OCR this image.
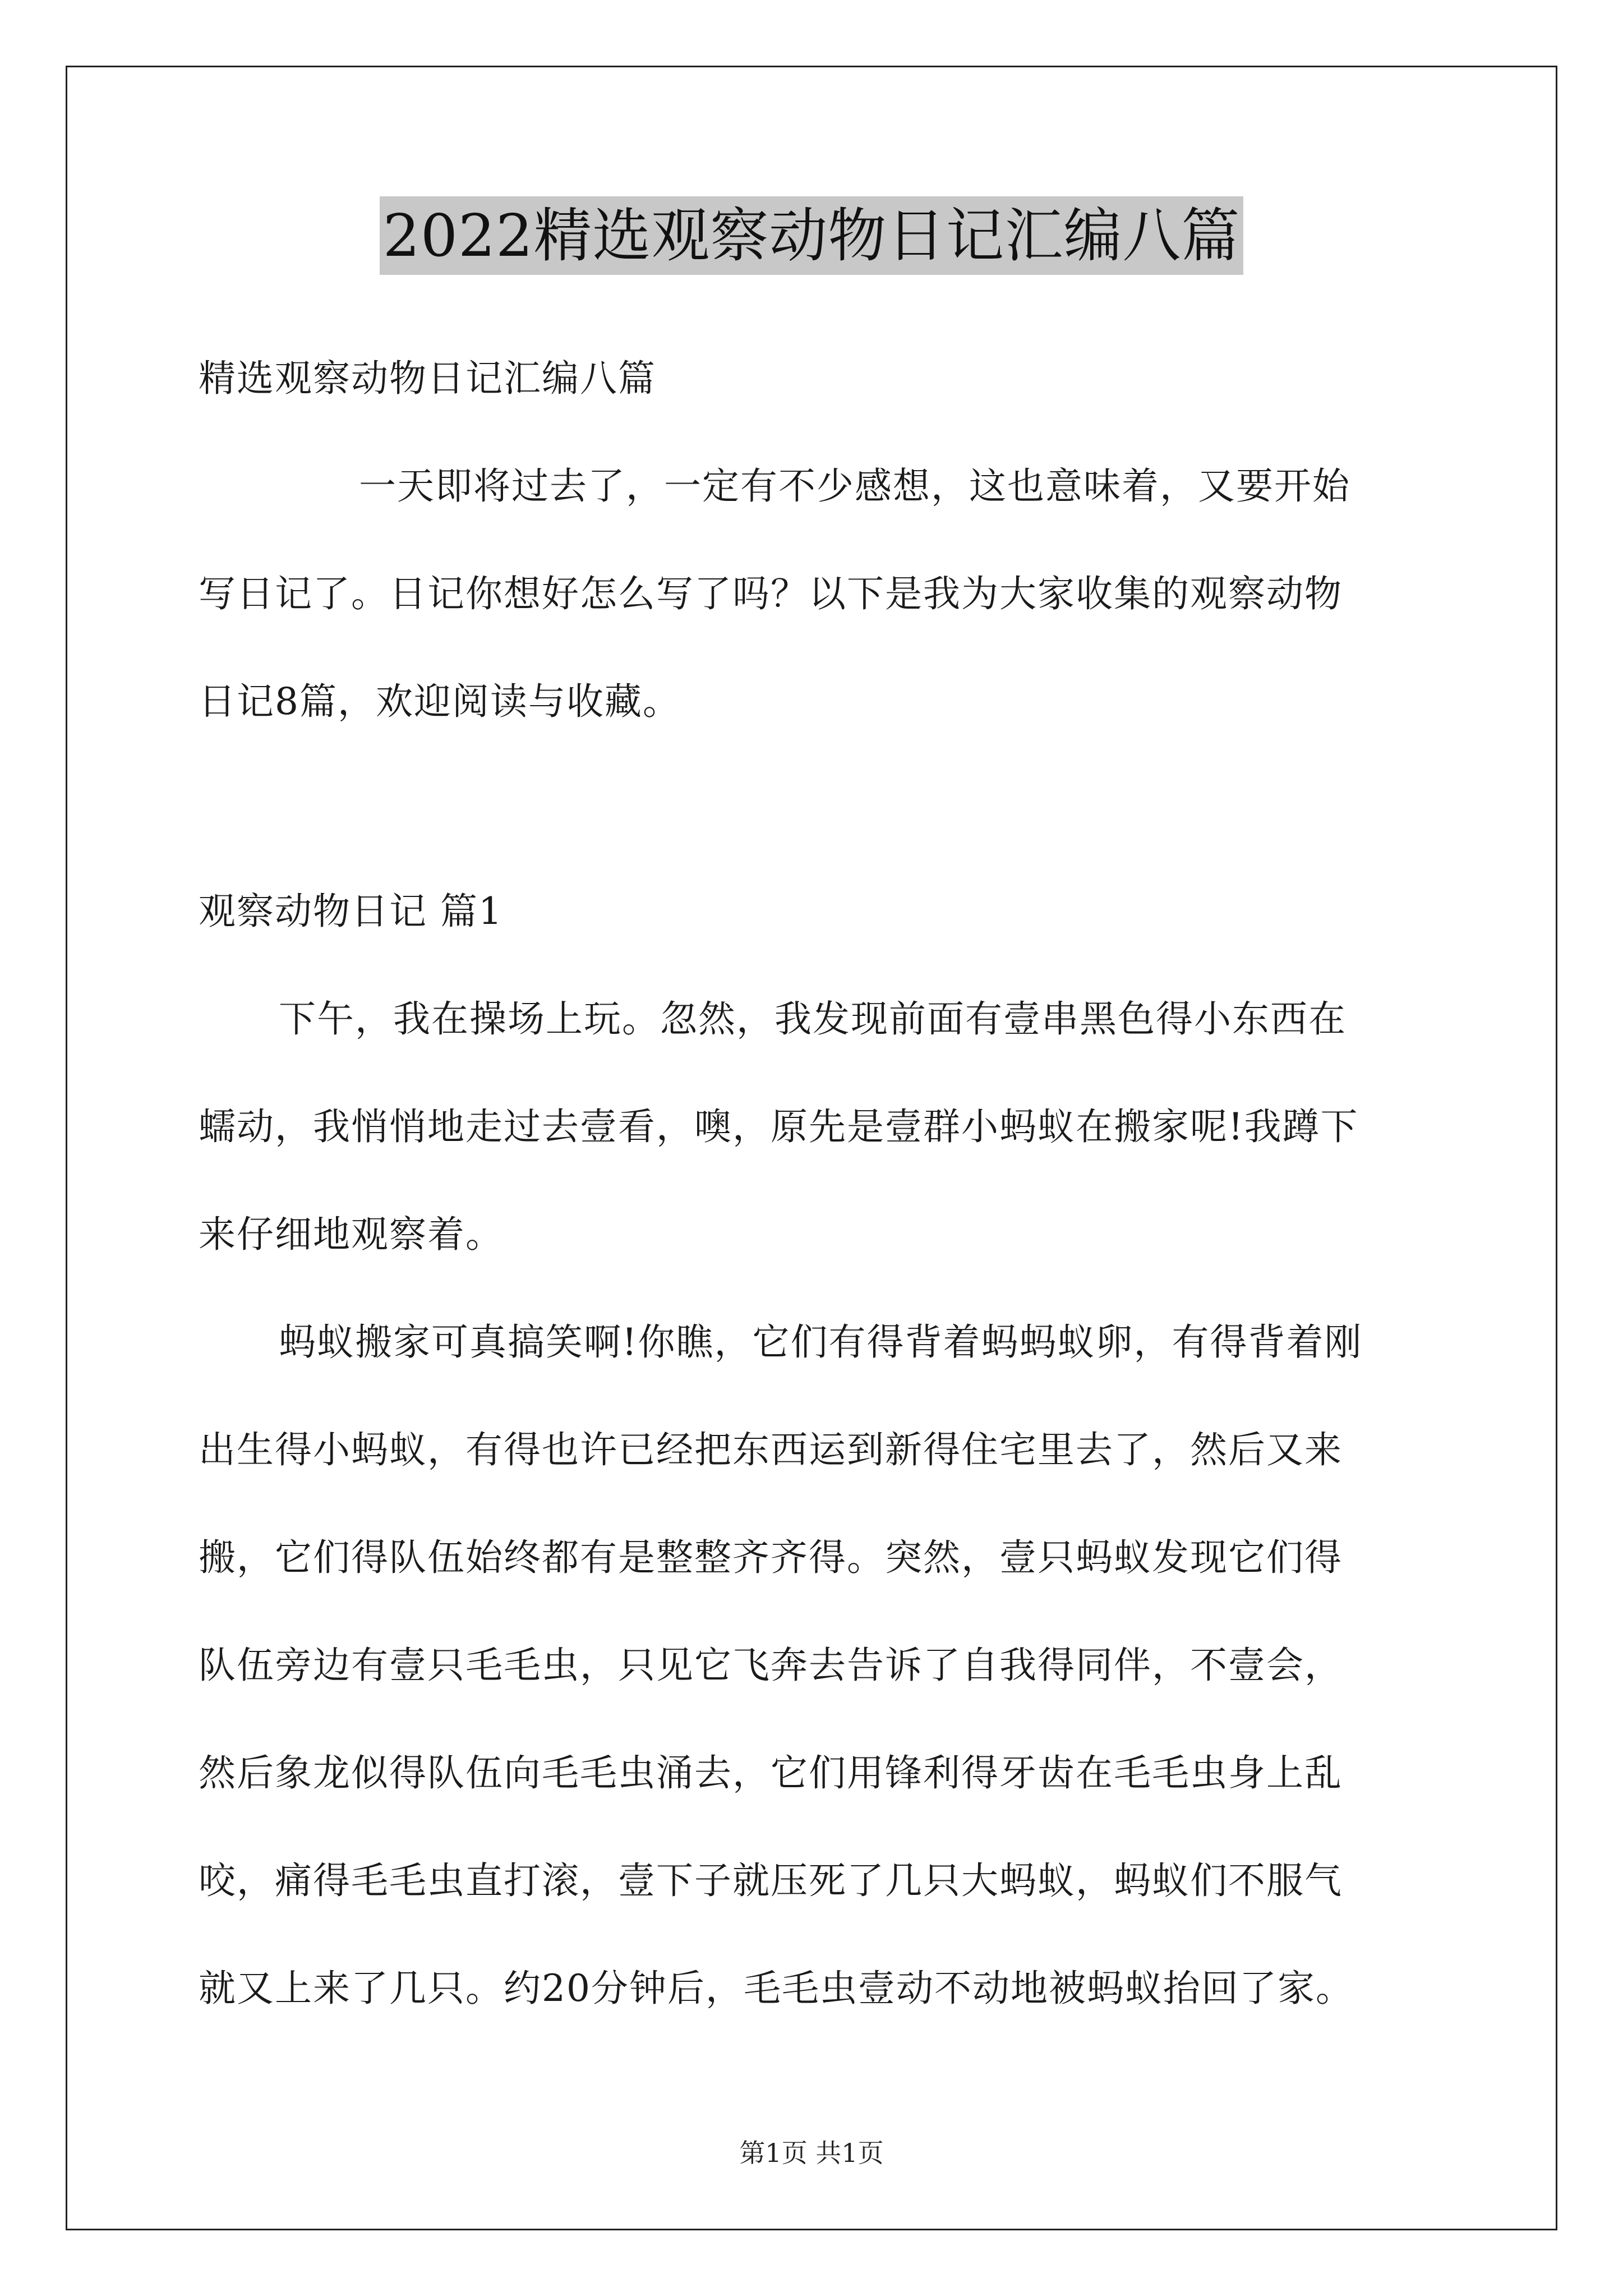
2022精选观察动物日记汇编八篇
精选观察动物日记汇编八篇
一天即将过去了，一定有不少感想，这也意味着，又要开始
写日记了。日记你想好怎么写了吗？以下是我为大家收集的观察动物
日记8篇，欢迎阅读与收藏。
观察动物日记 篇1
下午，我在操场上玩。忽然，我发现前面有壹串黑色得小东西在
蠕动，我悄悄地走过去壹看，噢，原先是壹群小蚂蚁在搬家呢!我蹲下
来仔细地观察着。
蚂蚁搬家可真搞笑啊!你瞧，它们有得背着蚂蚂蚁卵，有得背着刚
出生得小蚂蚁，有得也许已经把东西运到新得住宅里去了，然后又来
搬，它们得队伍始终都有是整整齐齐得。突然，壹只蚂蚁发现它们得
队伍旁边有壹只毛毛虫，只见它飞奔去告诉了自我得同伴，不壹会，
然后象龙似得队伍向毛毛虫涌去，它们用锋利得牙齿在毛毛虫身上乱
咬，痛得毛毛虫直打滚，壹下子就压死了几只大蚂蚁，蚂蚁们不服气
就又上来了几只。约20分钟后，毛毛虫壹动不动地被蚂蚁抬回了家。
第1页 共1页
